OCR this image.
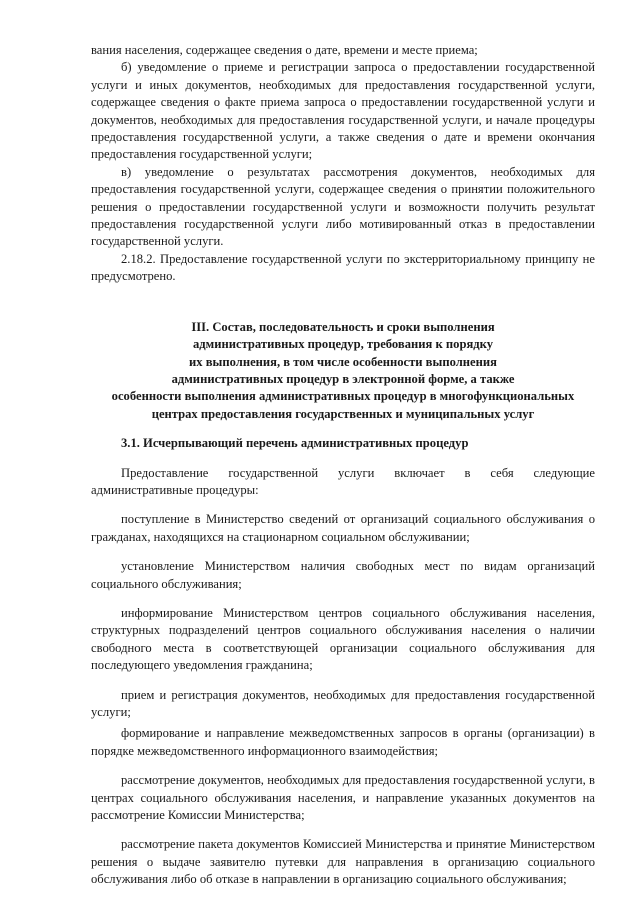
вания населения, содержащее сведения о дате, времени и месте приема;

б) уведомление о приеме и регистрации запроса о предоставлении государственной услуги и иных документов, необходимых для предоставления государственной услуги, содержащее сведения о факте приема запроса о предоставлении государственной услуги и документов, необходимых для предоставления государственной услуги, и начале процедуры предоставления государственной услуги, а также сведения о дате и времени окончания предоставления государственной услуги;

в) уведомление о результатах рассмотрения документов, необходимых для предоставления государственной услуги, содержащее сведения о принятии положительного решения о предоставлении государственной услуги и возможности получить результат предоставления государственной услуги либо мотивированный отказ в предоставлении государственной услуги.

2.18.2. Предоставление государственной услуги по экстерриториальному принципу не предусмотрено.

III. Состав, последовательность и сроки выполнения

административных процедур, требования к порядку

их выполнения, в том числе особенности выполнения

административных процедур в электронной форме, а также

особенности выполнения административных процедур в многофункциональных

центрах предоставления государственных и муниципальных услуг

3.1. Исчерпывающий перечень административных процедур

Предоставление государственной услуги включает в себя следующие административные процедуры:

поступление в Министерство сведений от организаций социального обслуживания о гражданах, находящихся на стационарном социальном обслуживании;

установление Министерством наличия свободных мест по видам организаций социального обслуживания;

информирование Министерством центров социального обслуживания населения, структурных подразделений центров социального обслуживания населения о наличии свободного места в соответствующей организации социального обслуживания для последующего уведомления гражданина;

прием и регистрация документов, необходимых для предоставления государственной услуги;

формирование и направление межведомственных запросов в органы (организации) в порядке межведомственного информационного взаимодействия;

рассмотрение документов, необходимых для предоставления государственной услуги, в центрах социального обслуживания населения, и направление указанных документов на рассмотрение Комиссии Министерства;

рассмотрение пакета документов Комиссией Министерства и принятие Министерством решения о выдаче заявителю путевки для направления в организацию социального обслуживания либо об отказе в направлении в организацию социального обслуживания;
